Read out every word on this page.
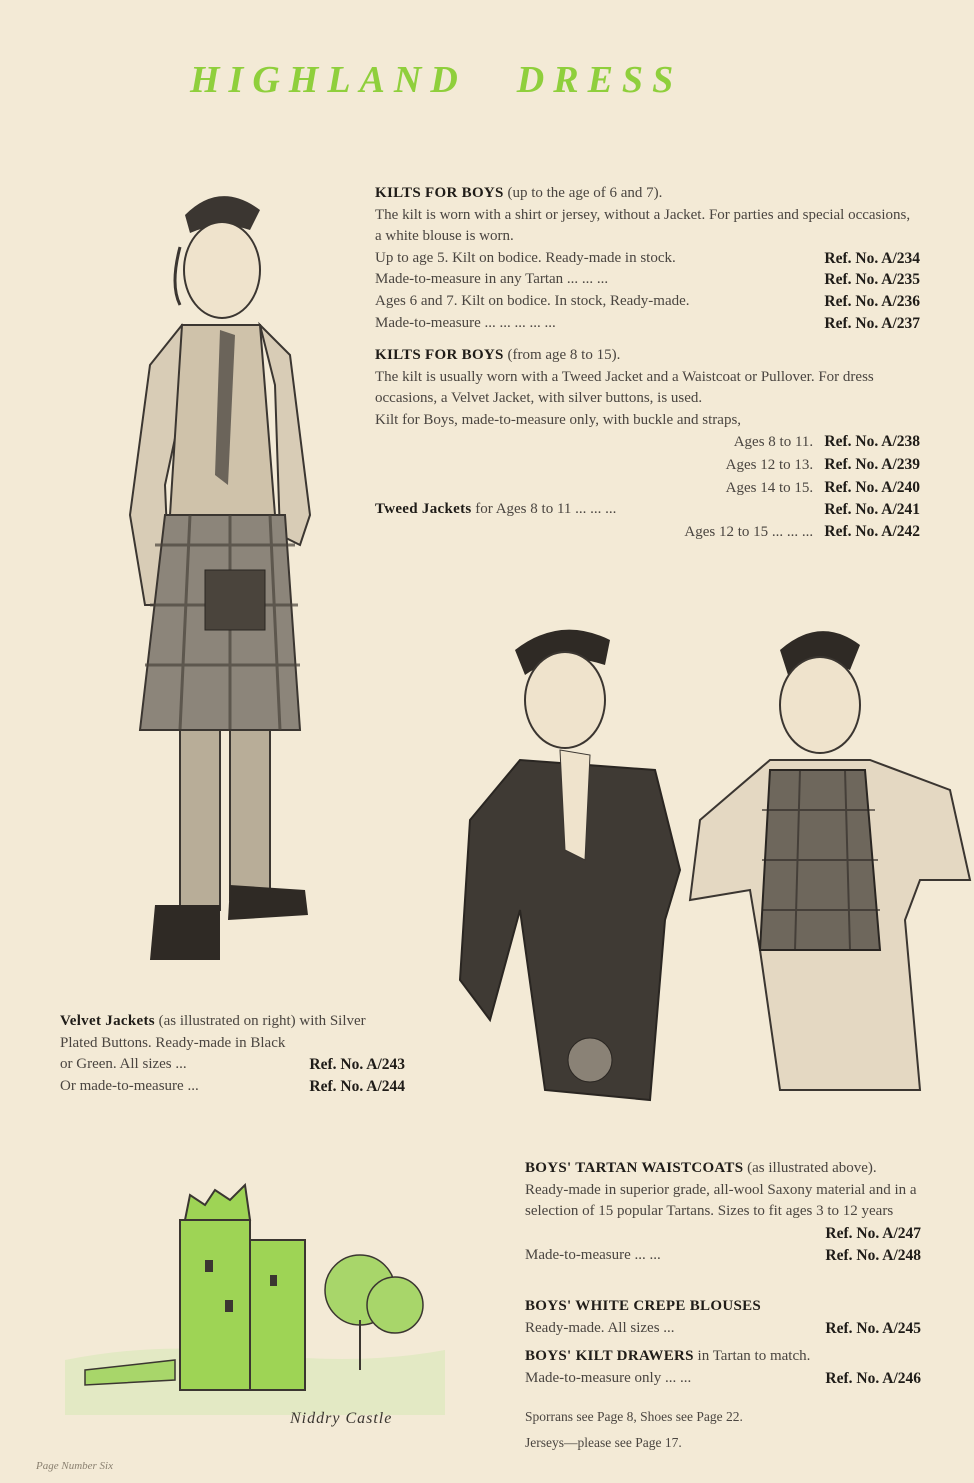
HIGHLAND DRESS
KILTS FOR BOYS (up to the age of 6 and 7).
The kilt is worn with a shirt or jersey, without a Jacket. For parties and special occasions, a white blouse is worn.
Up to age 5. Kilt on bodice. Ready-made in stock.	Ref. No. A/234
Made-to-measure in any Tartan ... ... ...	Ref. No. A/235
Ages 6 and 7. Kilt on bodice. In stock, Ready-made.	Ref. No. A/236
Made-to-measure ... ... ... ... ...	Ref. No. A/237
KILTS FOR BOYS (from age 8 to 15).
The kilt is usually worn with a Tweed Jacket and a Waistcoat or Pullover. For dress occasions, a Velvet Jacket, with silver buttons, is used.
Kilt for Boys, made-to-measure only, with buckle and straps,
Ages 8 to 11. Ref. No. A/238
Ages 12 to 13. Ref. No. A/239
Ages 14 to 15. Ref. No. A/240
Tweed Jackets for Ages 8 to 11 ... ... ...	Ref. No. A/241
Ages 12 to 15 ... ... ... Ref. No. A/242
Velvet Jackets (as illustrated on right) with Silver Plated Buttons. Ready-made in Black
or Green. All sizes ...	Ref. No. A/243
Or made-to-measure ...	Ref. No. A/244
Niddry Castle
BOYS' TARTAN WAISTCOATS (as illustrated above). Ready-made in superior grade, all-wool Saxony material and in a selection of 15 popular Tartans. Sizes to fit ages 3 to 12 years
Ref. No. A/247
Made-to-measure ... ...	Ref. No. A/248
BOYS' WHITE CREPE BLOUSES
Ready-made. All sizes ...	Ref. No. A/245
BOYS' KILT DRAWERS in Tartan to match.
Made-to-measure only ... ...	Ref. No. A/246
Sporrans see Page 8, Shoes see Page 22.
Jerseys—please see Page 17.
Page Number Six
